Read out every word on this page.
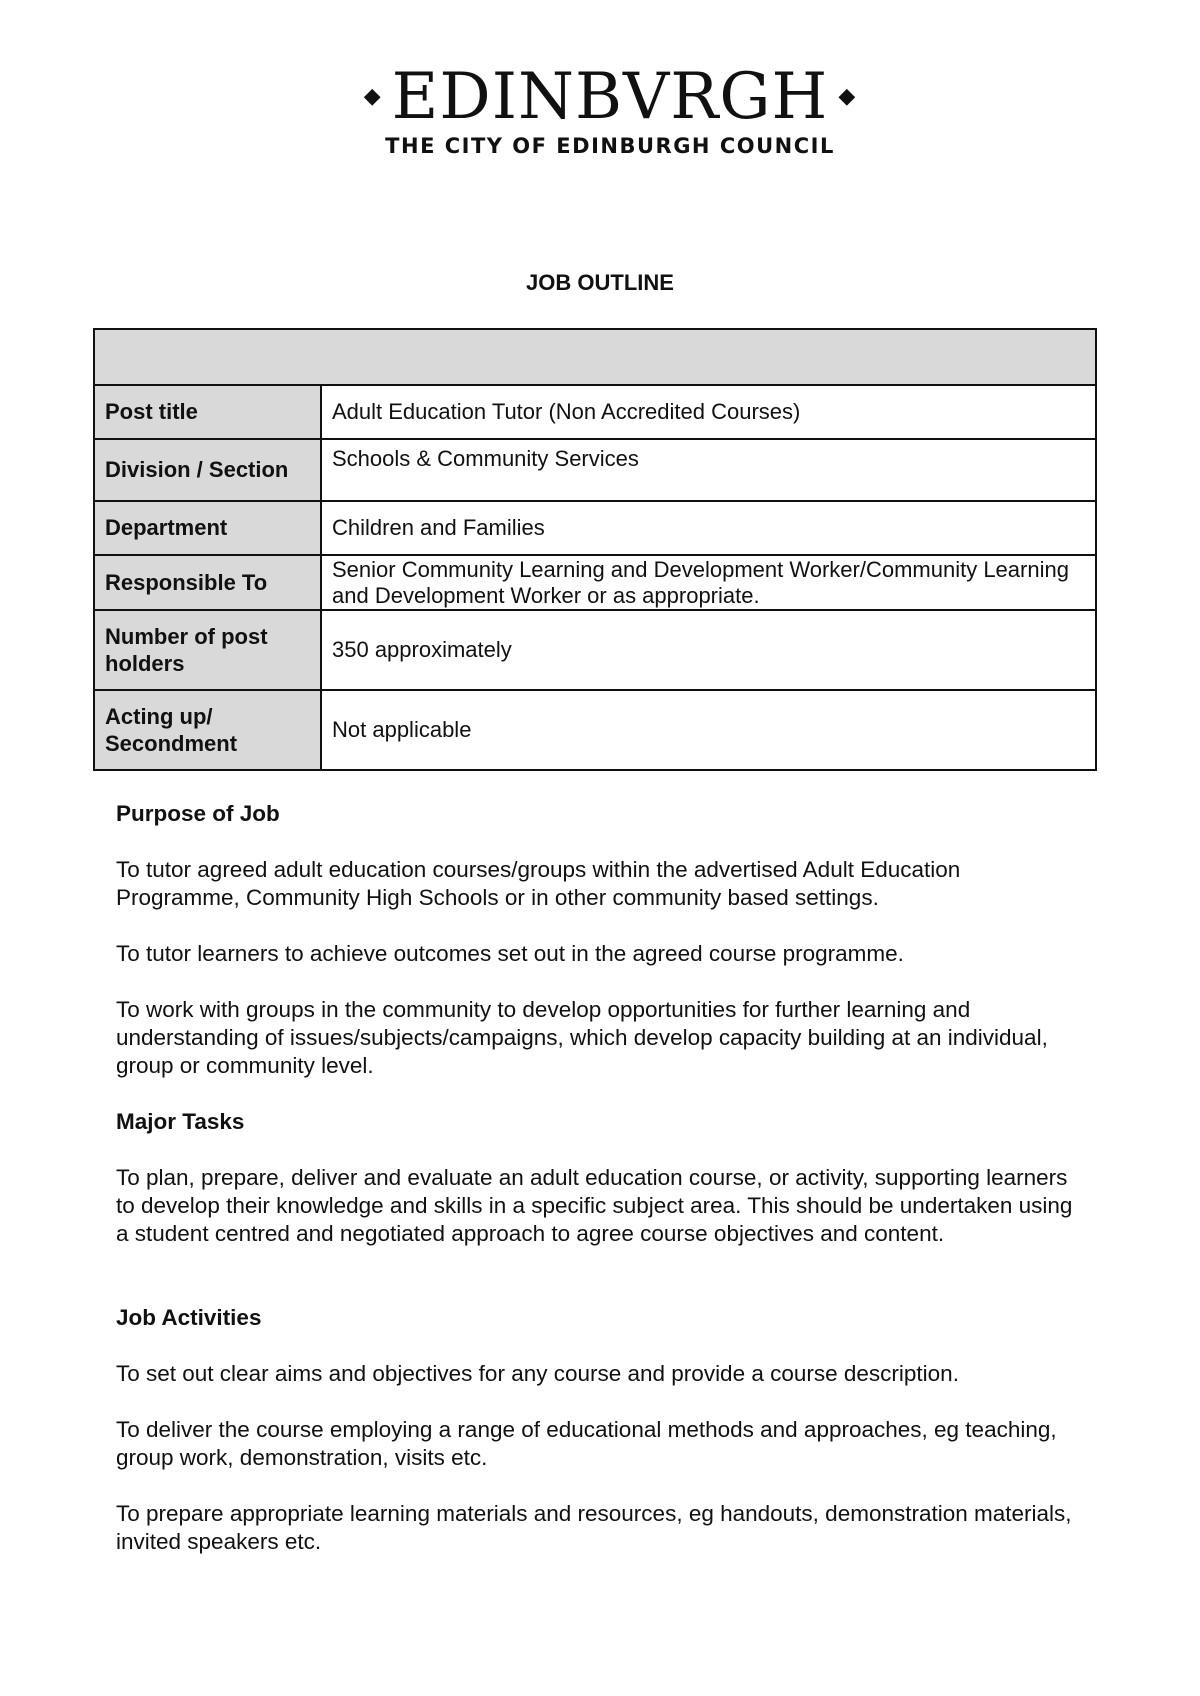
◆ EDINBVRGH ◆
THE CITY OF EDINBURGH COUNCIL
JOB OUTLINE

Post title	Adult Education Tutor (Non Accredited Courses)
Division / Section	Schools & Community Services
Department	Children and Families
Responsible To	Senior Community Learning and Development Worker/Community Learning and Development Worker or as appropriate.
Number of post holders	350 approximately
Acting up/ Secondment	Not applicable

Purpose of Job

To tutor agreed adult education courses/groups within the advertised Adult Education Programme, Community High Schools or in other community based settings.

To tutor learners to achieve outcomes set out in the agreed course programme.

To work with groups in the community to develop opportunities for further learning and understanding of issues/subjects/campaigns, which develop capacity building at an individual, group or community level.

Major Tasks

To plan, prepare, deliver and evaluate an adult education course, or activity, supporting learners to develop their knowledge and skills in a specific subject area. This should be undertaken using a student centred and negotiated approach to agree course objectives and content.

Job Activities

To set out clear aims and objectives for any course and provide a course description.

To deliver the course employing a range of educational methods and approaches, eg teaching, group work, demonstration, visits etc.

To prepare appropriate learning materials and resources, eg handouts, demonstration materials, invited speakers etc.
